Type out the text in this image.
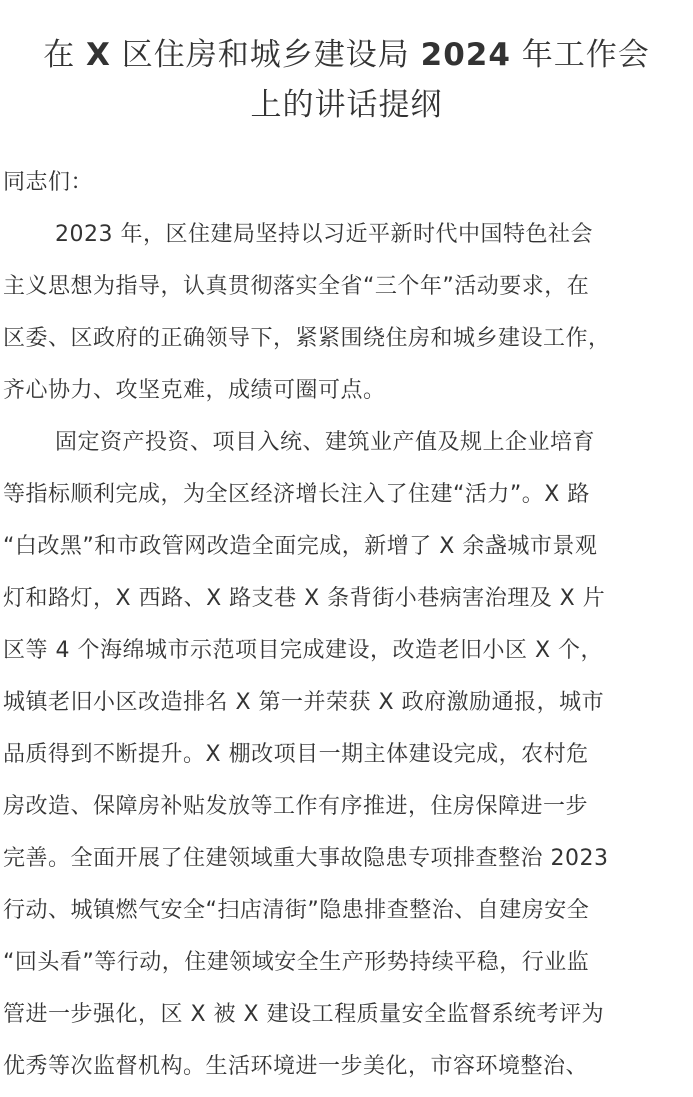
在 X 区住房和城乡建设局 2024 年工作会
上的讲话提纲
同志们：
2023 年，区住建局坚持以习近平新时代中国特色社会
主义思想为指导，认真贯彻落实全省“三个年”活动要求，在
区委、区政府的正确领导下，紧紧围绕住房和城乡建设工作，
齐心协力、攻坚克难，成绩可圈可点。
固定资产投资、项目入统、建筑业产值及规上企业培育
等指标顺利完成，为全区经济增长注入了住建“活力”。X 路
“白改黑”和市政管网改造全面完成，新增了 X 余盏城市景观
灯和路灯，X 西路、X 路支巷 X 条背街小巷病害治理及 X 片
区等 4 个海绵城市示范项目完成建设，改造老旧小区 X 个，
城镇老旧小区改造排名 X 第一并荣获 X 政府激励通报，城市
品质得到不断提升。X 棚改项目一期主体建设完成，农村危
房改造、保障房补贴发放等工作有序推进，住房保障进一步
完善。全面开展了住建领域重大事故隐患专项排查整治 2023
行动、城镇燃气安全“扫店清街”隐患排查整治、自建房安全
“回头看”等行动，住建领域安全生产形势持续平稳，行业监
管进一步强化，区 X 被 X 建设工程质量安全监督系统考评为
优秀等次监督机构。生活环境进一步美化，市容环境整治、
